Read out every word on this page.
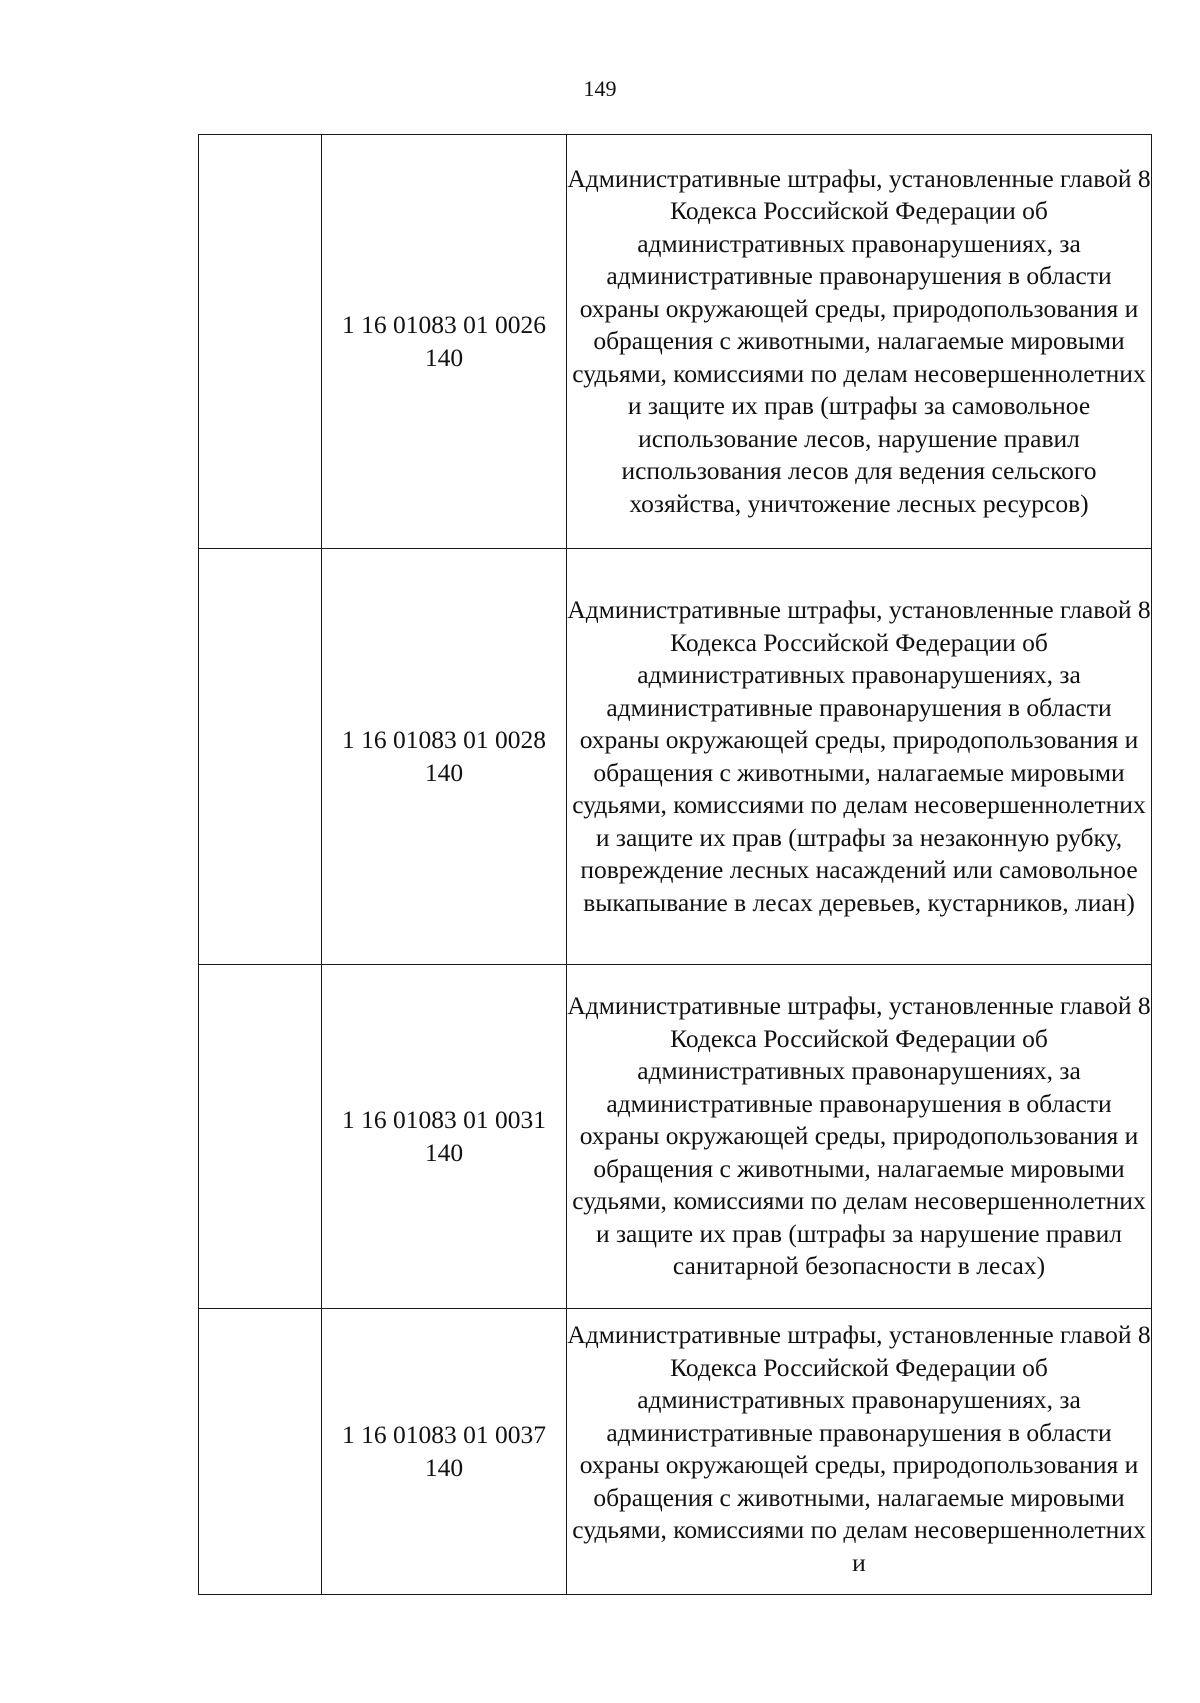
149

	1 16 01083 01 0026
140	Административные штрафы, установленные главой 8 Кодекса Российской Федерации об административных правонарушениях, за административные правонарушения в области охраны окружающей среды, природопользования и обращения с животными, налагаемые мировыми судьями, комиссиями по делам несовершеннолетних и защите их прав (штрафы за самовольное использование лесов, нарушение правил использования лесов для ведения сельского хозяйства, уничтожение лесных ресурсов)

	1 16 01083 01 0028
140	Административные штрафы, установленные главой 8 Кодекса Российской Федерации об административных правонарушениях, за административные правонарушения в области охраны окружающей среды, природопользования и обращения с животными, налагаемые мировыми судьями, комиссиями по делам несовершеннолетних и защите их прав (штрафы за незаконную рубку, повреждение лесных насаждений или самовольное выкапывание в лесах деревьев, кустарников, лиан)

	1 16 01083 01 0031
140	Административные штрафы, установленные главой 8 Кодекса Российской Федерации об административных правонарушениях, за административные правонарушения в области охраны окружающей среды, природопользования и обращения с животными, налагаемые мировыми судьями, комиссиями по делам несовершеннолетних и защите их прав (штрафы за нарушение правил санитарной безопасности в лесах)

	1 16 01083 01 0037
140	Административные штрафы, установленные главой 8 Кодекса Российской Федерации об административных правонарушениях, за административные правонарушения в области охраны окружающей среды, природопользования и обращения с животными, налагаемые мировыми судьями, комиссиями по делам несовершеннолетних и
